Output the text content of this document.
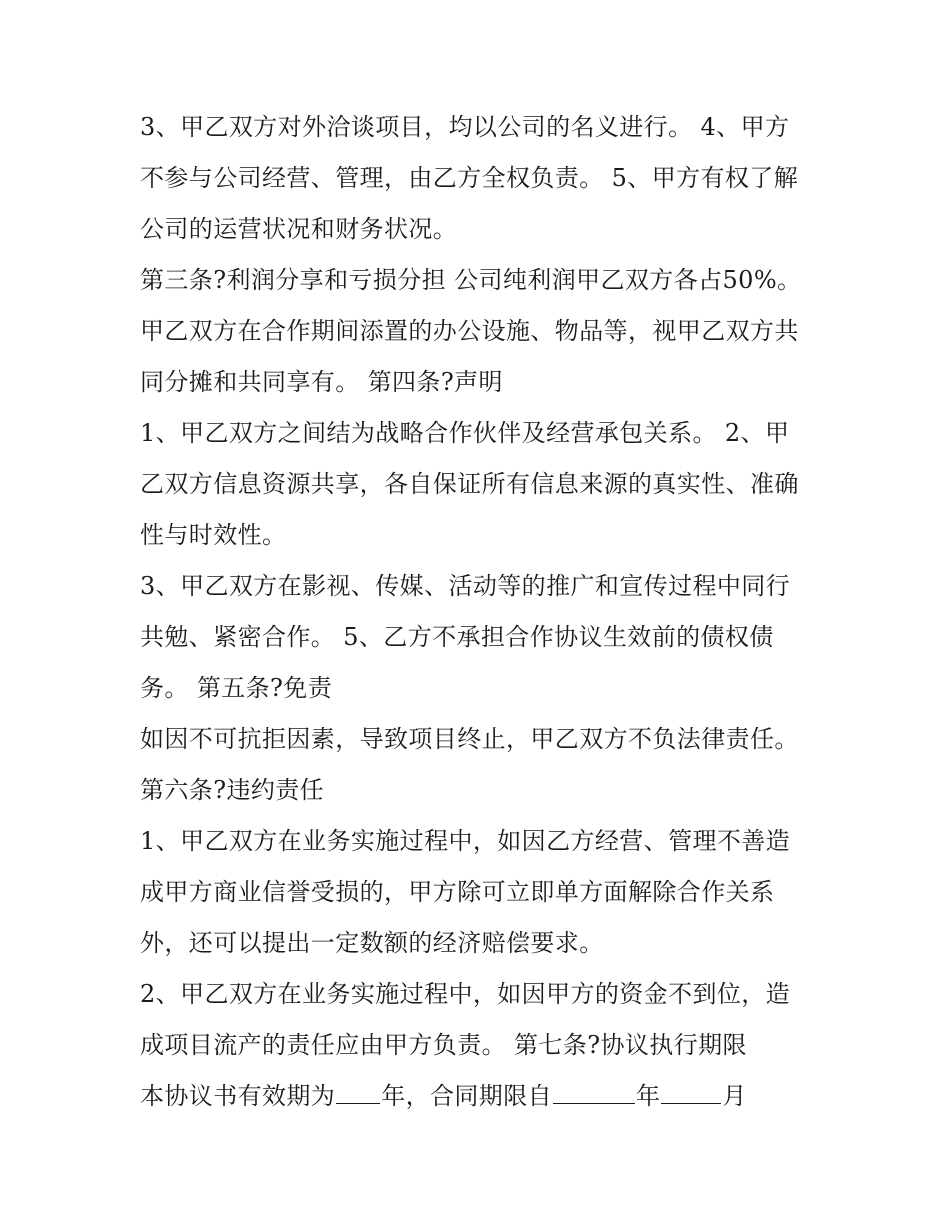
3、甲乙双方对外洽谈项目，均以公司的名义进行。 4、甲方
不参与公司经营、管理，由乙方全权负责。 5、甲方有权了解
公司的运营状况和财务状况。
第三条?利润分享和亏损分担 公司纯利润甲乙双方各占50%。
甲乙双方在合作期间添置的办公设施、物品等，视甲乙双方共
同分摊和共同享有。 第四条?声明
1、甲乙双方之间结为战略合作伙伴及经营承包关系。 2、甲
乙双方信息资源共享，各自保证所有信息来源的真实性、准确
性与时效性。
3、甲乙双方在影视、传媒、活动等的推广和宣传过程中同行
共勉、紧密合作。 5、乙方不承担合作协议生效前的债权债
务。 第五条?免责
如因不可抗拒因素，导致项目终止，甲乙双方不负法律责任。
第六条?违约责任
1、甲乙双方在业务实施过程中，如因乙方经营、管理不善造
成甲方商业信誉受损的，甲方除可立即单方面解除合作关系
外，还可以提出一定数额的经济赔偿要求。
2、甲乙双方在业务实施过程中，如因甲方的资金不到位，造
成项目流产的责任应由甲方负责。 第七条?协议执行期限
本协议书有效期为 年，合同期限自	年	月
